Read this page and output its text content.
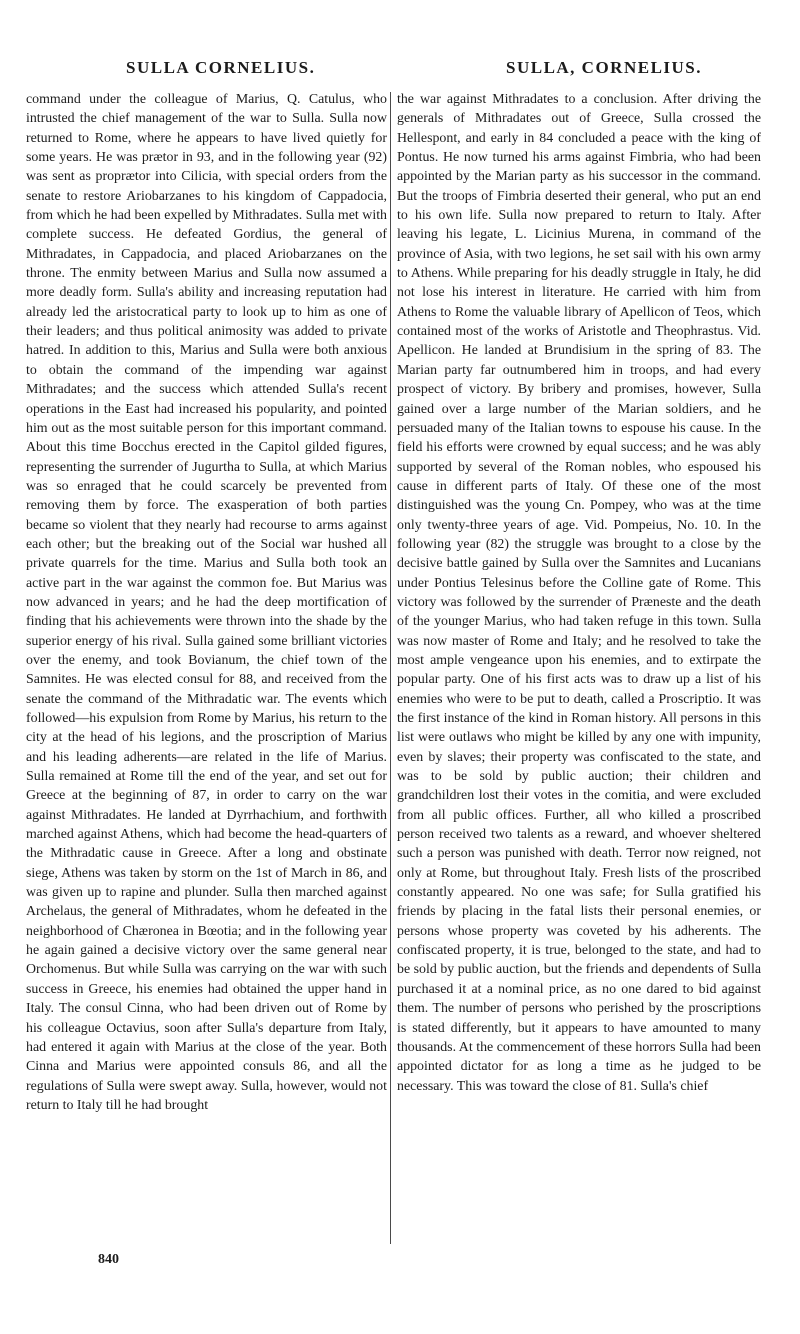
SULLA CORNELIUS.	SULLA, CORNELIUS.

command under the colleague of Marius, Q. Catulus, who intrusted the chief management of the war to Sulla. Sulla now returned to Rome, where he appears to have lived quietly for some years. He was prætor in 93, and in the following year (92) was sent as proprætor into Cilicia, with special orders from the senate to restore Ariobarzanes to his kingdom of Cappadocia, from which he had been expelled by Mithradates. Sulla met with complete success. He defeated Gordius, the general of Mithradates, in Cappadocia, and placed Ariobarzanes on the throne. The enmity between Marius and Sulla now assumed a more deadly form. Sulla's ability and increasing reputation had already led the aristocratical party to look up to him as one of their leaders; and thus political animosity was added to private hatred. In addition to this, Marius and Sulla were both anxious to obtain the command of the impending war against Mithradates; and the success which attended Sulla's recent operations in the East had increased his popularity, and pointed him out as the most suitable person for this important command. About this time Bocchus erected in the Capitol gilded figures, representing the surrender of Jugurtha to Sulla, at which Marius was so enraged that he could scarcely be prevented from removing them by force. The exasperation of both parties became so violent that they nearly had recourse to arms against each other; but the breaking out of the Social war hushed all private quarrels for the time. Marius and Sulla both took an active part in the war against the common foe. But Marius was now advanced in years; and he had the deep mortification of finding that his achievements were thrown into the shade by the superior energy of his rival. Sulla gained some brilliant victories over the enemy, and took Bovianum, the chief town of the Samnites. He was elected consul for 88, and received from the senate the command of the Mithradatic war. The events which followed—his expulsion from Rome by Marius, his return to the city at the head of his legions, and the proscription of Marius and his leading adherents—are related in the life of Marius. Sulla remained at Rome till the end of the year, and set out for Greece at the beginning of 87, in order to carry on the war against Mithradates. He landed at Dyrrhachium, and forthwith marched against Athens, which had become the head-quarters of the Mithradatic cause in Greece. After a long and obstinate siege, Athens was taken by storm on the 1st of March in 86, and was given up to rapine and plunder. Sulla then marched against Archelaus, the general of Mithradates, whom he defeated in the neighborhood of Chæronea in Bœotia; and in the following year he again gained a decisive victory over the same general near Orchomenus. But while Sulla was carrying on the war with such success in Greece, his enemies had obtained the upper hand in Italy. The consul Cinna, who had been driven out of Rome by his colleague Octavius, soon after Sulla's departure from Italy, had entered it again with Marius at the close of the year. Both Cinna and Marius were appointed consuls 86, and all the regulations of Sulla were swept away. Sulla, however, would not return to Italy till he had brought

the war against Mithradates to a conclusion. After driving the generals of Mithradates out of Greece, Sulla crossed the Hellespont, and early in 84 concluded a peace with the king of Pontus. He now turned his arms against Fimbria, who had been appointed by the Marian party as his successor in the command. But the troops of Fimbria deserted their general, who put an end to his own life. Sulla now prepared to return to Italy. After leaving his legate, L. Licinius Murena, in command of the province of Asia, with two legions, he set sail with his own army to Athens. While preparing for his deadly struggle in Italy, he did not lose his interest in literature. He carried with him from Athens to Rome the valuable library of Apellicon of Teos, which contained most of the works of Aristotle and Theophrastus. Vid. Apellicon. He landed at Brundisium in the spring of 83. The Marian party far outnumbered him in troops, and had every prospect of victory. By bribery and promises, however, Sulla gained over a large number of the Marian soldiers, and he persuaded many of the Italian towns to espouse his cause. In the field his efforts were crowned by equal success; and he was ably supported by several of the Roman nobles, who espoused his cause in different parts of Italy. Of these one of the most distinguished was the young Cn. Pompey, who was at the time only twenty-three years of age. Vid. Pompeius, No. 10. In the following year (82) the struggle was brought to a close by the decisive battle gained by Sulla over the Samnites and Lucanians under Pontius Telesinus before the Colline gate of Rome. This victory was followed by the surrender of Præneste and the death of the younger Marius, who had taken refuge in this town. Sulla was now master of Rome and Italy; and he resolved to take the most ample vengeance upon his enemies, and to extirpate the popular party. One of his first acts was to draw up a list of his enemies who were to be put to death, called a Proscriptio. It was the first instance of the kind in Roman history. All persons in this list were outlaws who might be killed by any one with impunity, even by slaves; their property was confiscated to the state, and was to be sold by public auction; their children and grandchildren lost their votes in the comitia, and were excluded from all public offices. Further, all who killed a proscribed person received two talents as a reward, and whoever sheltered such a person was punished with death. Terror now reigned, not only at Rome, but throughout Italy. Fresh lists of the proscribed constantly appeared. No one was safe; for Sulla gratified his friends by placing in the fatal lists their personal enemies, or persons whose property was coveted by his adherents. The confiscated property, it is true, belonged to the state, and had to be sold by public auction, but the friends and dependents of Sulla purchased it at a nominal price, as no one dared to bid against them. The number of persons who perished by the proscriptions is stated differently, but it appears to have amounted to many thousands. At the commencement of these horrors Sulla had been appointed dictator for as long a time as he judged to be necessary. This was toward the close of 81. Sulla's chief

840
